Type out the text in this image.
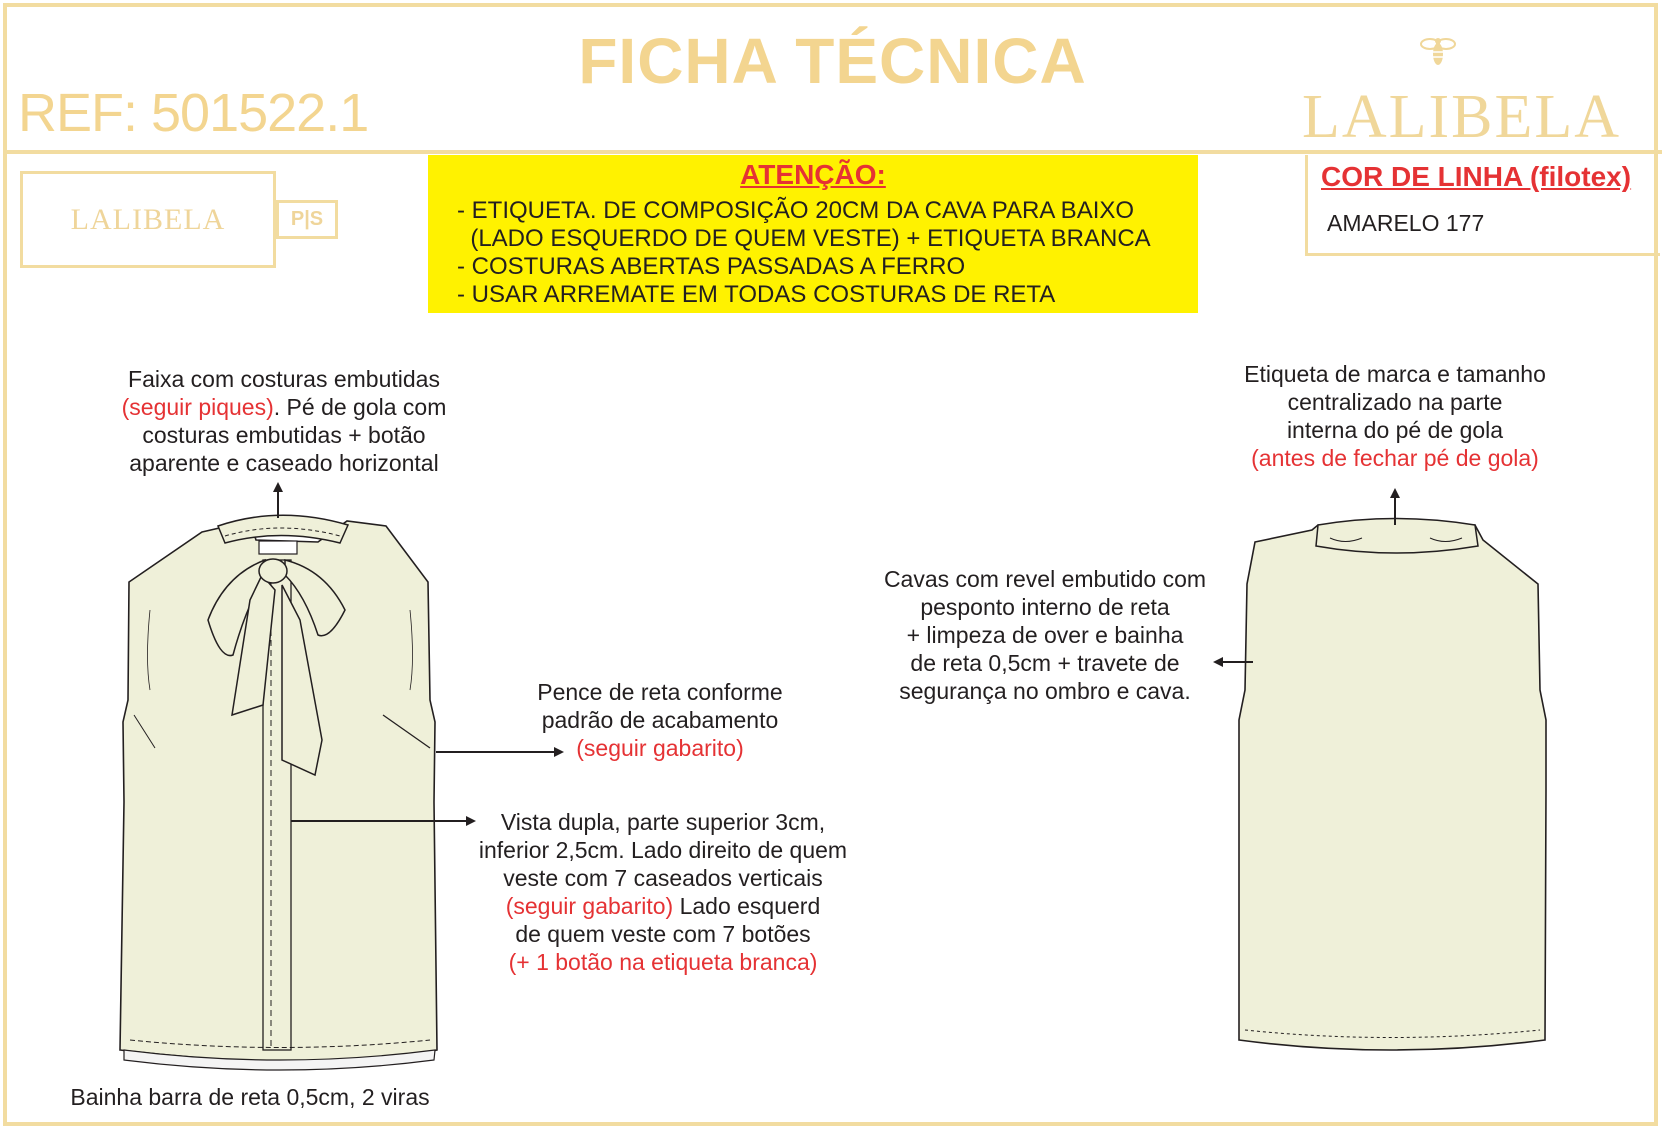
FICHA TÉCNICA
REF: 501522.1	LALIBELA
LALIBELA	P|S
ATENÇÃO:
- ETIQUETA. DE COMPOSIÇÃO 20CM DA CAVA PARA BAIXO
(LADO ESQUERDO DE QUEM VESTE) + ETIQUETA BRANCA
- COSTURAS ABERTAS PASSADAS A FERRO
- USAR ARREMATE EM TODAS COSTURAS DE RETA
COR DE LINHA (filotex)
AMARELO 177
Faixa com costuras embutidas
(seguir piques). Pé de gola com
costuras embutidas + botão
aparente e caseado horizontal
Pence de reta conforme
padrão de acabamento
(seguir gabarito)
Vista dupla, parte superior 3cm,
inferior 2,5cm. Lado direito de quem
veste com 7 caseados verticais
(seguir gabarito) Lado esquerd
de quem veste com 7 botões
(+ 1 botão na etiqueta branca)
Bainha barra de reta 0,5cm, 2 viras
Etiqueta de marca e tamanho
centralizado na parte
interna do pé de gola
(antes de fechar pé de gola)
Cavas com revel embutido com
pesponto interno de reta
+ limpeza de over e bainha
de reta 0,5cm + travete de
segurança no ombro e cava.
